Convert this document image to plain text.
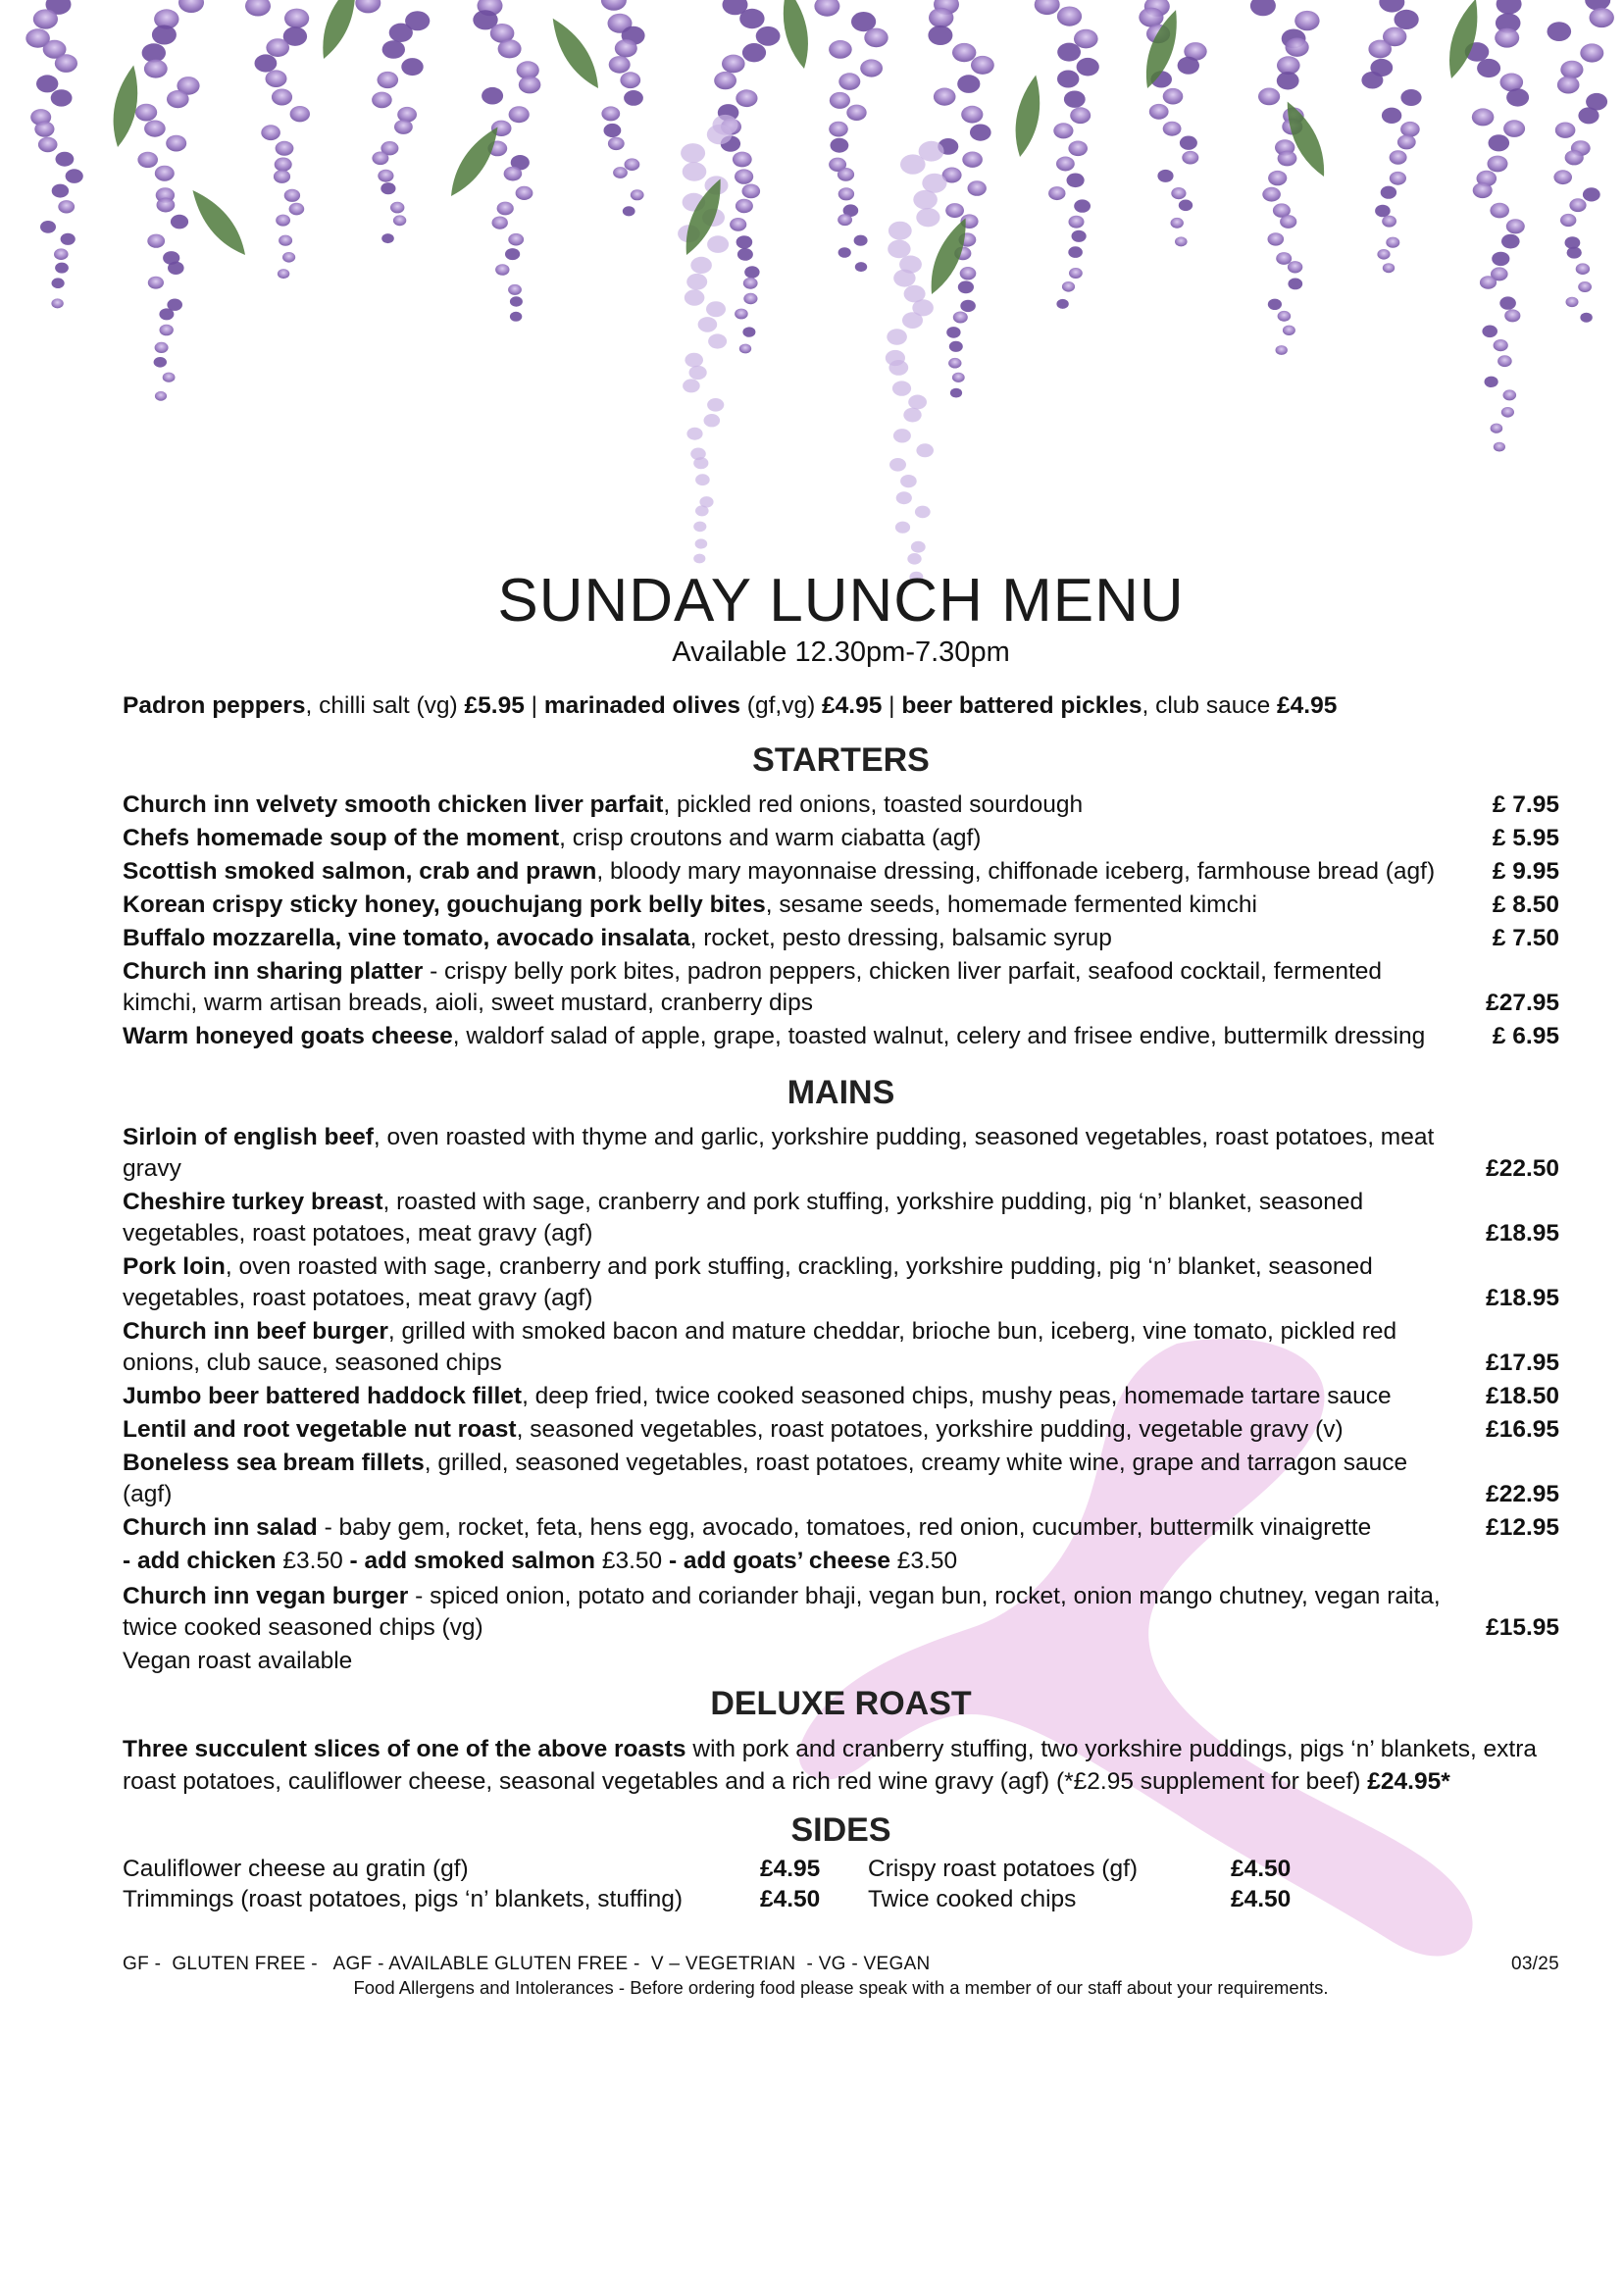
SUNDAY LUNCH MENU
Available 12.30pm-7.30pm
Padron peppers, chilli salt (vg) £5.95 | marinaded olives (gf,vg) £4.95 | beer battered pickles, club sauce £4.95
STARTERS
Church inn velvety smooth chicken liver parfait, pickled red onions, toasted sourdough	£ 7.95
Chefs homemade soup of the moment, crisp croutons and warm ciabatta (agf)	£ 5.95
Scottish smoked salmon, crab and prawn, bloody mary mayonnaise dressing, chiffonade iceberg, farmhouse bread (agf)	£ 9.95
Korean crispy sticky honey, gouchujang pork belly bites, sesame seeds, homemade fermented kimchi	£ 8.50
Buffalo mozzarella, vine tomato, avocado insalata, rocket, pesto dressing, balsamic syrup	£ 7.50
Church inn sharing platter - crispy belly pork bites, padron peppers, chicken liver parfait, seafood cocktail, fermented kimchi, warm artisan breads, aioli, sweet mustard, cranberry dips	£27.95
Warm honeyed goats cheese, waldorf salad of apple, grape, toasted walnut, celery and frisee endive, buttermilk dressing	£ 6.95
MAINS
Sirloin of english beef, oven roasted with thyme and garlic, yorkshire pudding, seasoned vegetables, roast potatoes, meat gravy	£22.50
Cheshire turkey breast, roasted with sage, cranberry and pork stuffing, yorkshire pudding, pig ‘n’ blanket, seasoned vegetables, roast potatoes, meat gravy (agf)	£18.95
Pork loin, oven roasted with sage, cranberry and pork stuffing, crackling, yorkshire pudding, pig ‘n’ blanket, seasoned vegetables, roast potatoes, meat gravy (agf)	£18.95
Church inn beef burger, grilled with smoked bacon and mature cheddar, brioche bun, iceberg, vine tomato, pickled red onions, club sauce, seasoned chips	£17.95
Jumbo beer battered haddock fillet, deep fried, twice cooked seasoned chips, mushy peas, homemade tartare sauce	£18.50
Lentil and root vegetable nut roast, seasoned vegetables, roast potatoes, yorkshire pudding, vegetable gravy (v)	£16.95
Boneless sea bream fillets, grilled, seasoned vegetables, roast potatoes, creamy white wine, grape and tarragon sauce (agf)	£22.95
Church inn salad - baby gem, rocket, feta, hens egg, avocado, tomatoes, red onion, cucumber, buttermilk vinaigrette	£12.95
- add chicken £3.50 - add smoked salmon £3.50 - add goats’ cheese £3.50
Church inn vegan burger - spiced onion, potato and coriander bhaji, vegan bun, rocket, onion mango chutney, vegan raita, twice cooked seasoned chips (vg)	£15.95
Vegan roast available
DELUXE ROAST
Three succulent slices of one of the above roasts with pork and cranberry stuffing, two yorkshire puddings, pigs ‘n’ blankets, extra roast potatoes, cauliflower cheese, seasonal vegetables and a rich red wine gravy (agf) (*£2.95 supplement for beef) £24.95*
SIDES
Cauliflower cheese au gratin (gf)	£4.95	Crispy roast potatoes (gf)	£4.50
Trimmings (roast potatoes, pigs ‘n’ blankets, stuffing)	£4.50	Twice cooked chips	£4.50
GF -  GLUTEN FREE -   AGF - AVAILABLE GLUTEN FREE -  V – VEGETRIAN  - VG - VEGAN	03/25
Food Allergens and Intolerances - Before ordering food please speak with a member of our staff about your requirements.
